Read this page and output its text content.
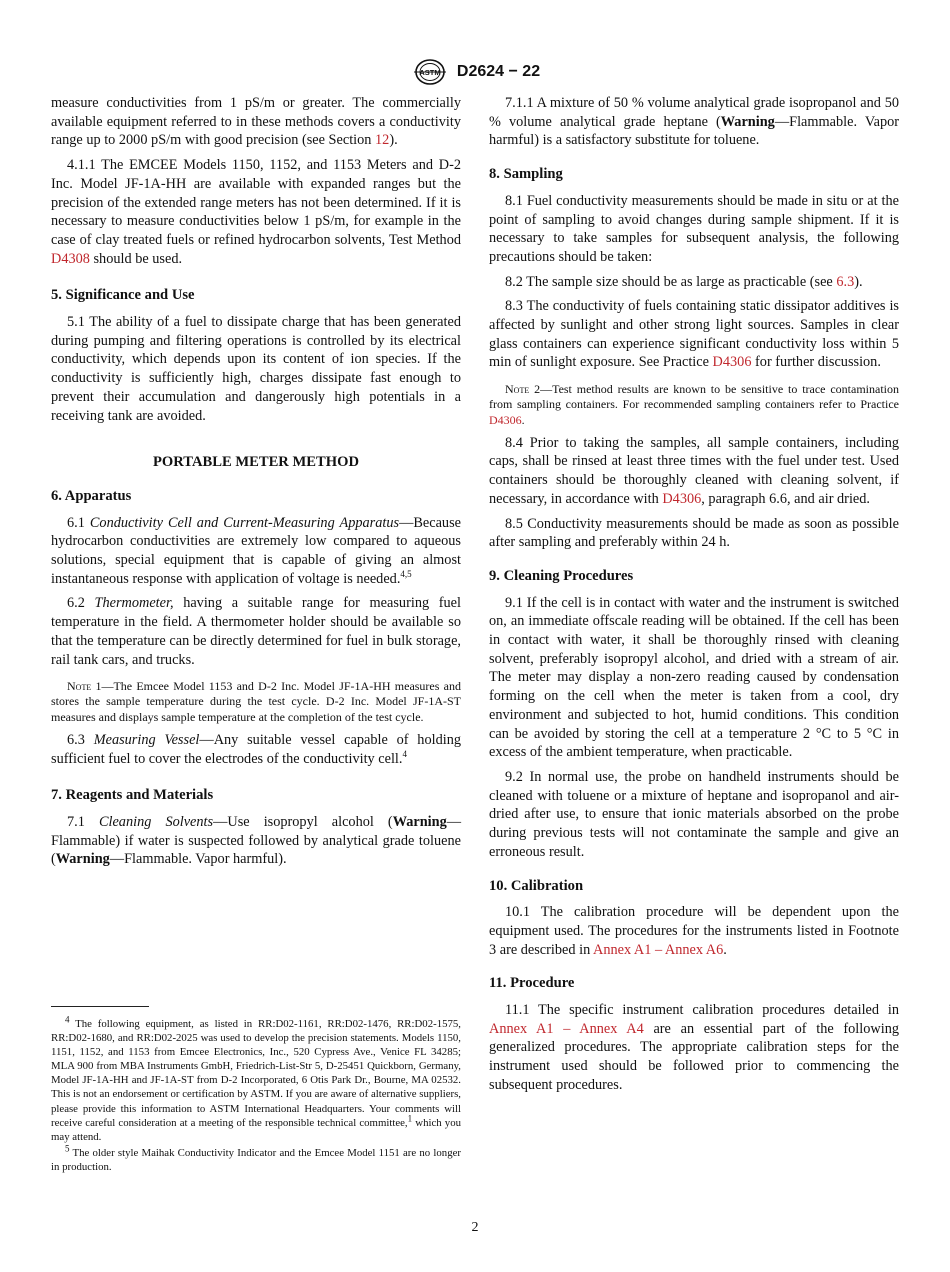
ASTM D2624 − 22

measure conductivities from 1 pS/m or greater. The commercially available equipment referred to in these methods covers a conductivity range up to 2000 pS/m with good precision (see Section 12).

4.1.1 The EMCEE Models 1150, 1152, and 1153 Meters and D-2 Inc. Model JF-1A-HH are available with expanded ranges but the precision of the extended range meters has not been determined. If it is necessary to measure conductivities below 1 pS/m, for example in the case of clay treated fuels or refined hydrocarbon solvents, Test Method D4308 should be used.

5. Significance and Use

5.1 The ability of a fuel to dissipate charge that has been generated during pumping and filtering operations is controlled by its electrical conductivity, which depends upon its content of ion species. If the conductivity is sufficiently high, charges dissipate fast enough to prevent their accumulation and dangerously high potentials in a receiving tank are avoided.

PORTABLE METER METHOD
6. Apparatus

6.1 Conductivity Cell and Current-Measuring Apparatus—Because hydrocarbon conductivities are extremely low compared to aqueous solutions, special equipment that is capable of giving an almost instantaneous response with application of voltage is needed.$^{4,5}$

6.2 Thermometer, having a suitable range for measuring fuel temperature in the field. A thermometer holder should be available so that the temperature can be directly determined for fuel in bulk storage, rail tank cars, and trucks.

Note 1—The Emcee Model 1153 and D-2 Inc. Model JF-1A-HH measures and stores the sample temperature during the test cycle. D-2 Inc. Model JF-1A-ST measures and displays sample temperature at the completion of the test cycle.

6.3 Measuring Vessel—Any suitable vessel capable of holding sufficient fuel to cover the electrodes of the conductivity cell.$^4$

7. Reagents and Materials

7.1 Cleaning Solvents—Use isopropyl alcohol (Warning—Flammable) if water is suspected followed by analytical grade toluene (Warning—Flammable. Vapor harmful).

$^4$ The following equipment, as listed in RR:D02-1161, RR:D02-1476, RR:D02-1575, RR:D02-1680, and RR:D02-2025 was used to develop the precision statements. Models 1150, 1151, 1152, and 1153 from Emcee Electronics, Inc., 520 Cypress Ave., Venice FL 34285; MLA 900 from MBA Instruments GmbH, Friedrich-List-Str 5, D-25451 Quickborn, Germany, Model JF-1A-HH and JF-1A-ST from D-2 Incorporated, 6 Otis Park Dr., Bourne, MA 02532. This is not an endorsement or certification by ASTM. If you are aware of alternative suppliers, please provide this information to ASTM International Headquarters. Your comments will receive careful consideration at a meeting of the responsible technical committee,$^1$ which you may attend.

$^5$ The older style Maihak Conductivity Indicator and the Emcee Model 1151 are no longer in production.

7.1.1 A mixture of 50 % volume analytical grade isopropanol and 50 % volume analytical grade heptane (Warning—Flammable. Vapor harmful) is a satisfactory substitute for toluene.

8. Sampling

8.1 Fuel conductivity measurements should be made in situ or at the point of sampling to avoid changes during sample shipment. If it is necessary to take samples for subsequent analysis, the following precautions should be taken:

8.2 The sample size should be as large as practicable (see 6.3).

8.3 The conductivity of fuels containing static dissipator additives is affected by sunlight and other strong light sources. Samples in clear glass containers can experience significant conductivity loss within 5 min of sunlight exposure. See Practice D4306 for further discussion.

Note 2—Test method results are known to be sensitive to trace contamination from sampling containers. For recommended sampling containers refer to Practice D4306.

8.4 Prior to taking the samples, all sample containers, including caps, shall be rinsed at least three times with the fuel under test. Used containers should be thoroughly cleaned with cleaning solvent, if necessary, in accordance with D4306, paragraph 6.6, and air dried.

8.5 Conductivity measurements should be made as soon as possible after sampling and preferably within 24 h.

9. Cleaning Procedures

9.1 If the cell is in contact with water and the instrument is switched on, an immediate offscale reading will be obtained. If the cell has been in contact with water, it shall be thoroughly rinsed with cleaning solvent, preferably isopropyl alcohol, and dried with a stream of air. The meter may display a non-zero reading caused by condensation forming on the cell when the meter is taken from a cool, dry environment and subjected to hot, humid conditions. This condition can be avoided by storing the cell at a temperature 2 °C to 5 °C in excess of the ambient temperature, when practicable.

9.2 In normal use, the probe on handheld instruments should be cleaned with toluene or a mixture of heptane and isopropanol and air-dried after use, to ensure that ionic materials absorbed on the probe during previous tests will not contaminate the sample and give an erroneous result.

10. Calibration

10.1 The calibration procedure will be dependent upon the equipment used. The procedures for the instruments listed in Footnote 3 are described in Annex A1 – Annex A6.

11. Procedure

11.1 The specific instrument calibration procedures detailed in Annex A1 – Annex A4 are an essential part of the following generalized procedures. The appropriate calibration steps for the instrument used should be followed prior to commencing the subsequent procedures.

2
